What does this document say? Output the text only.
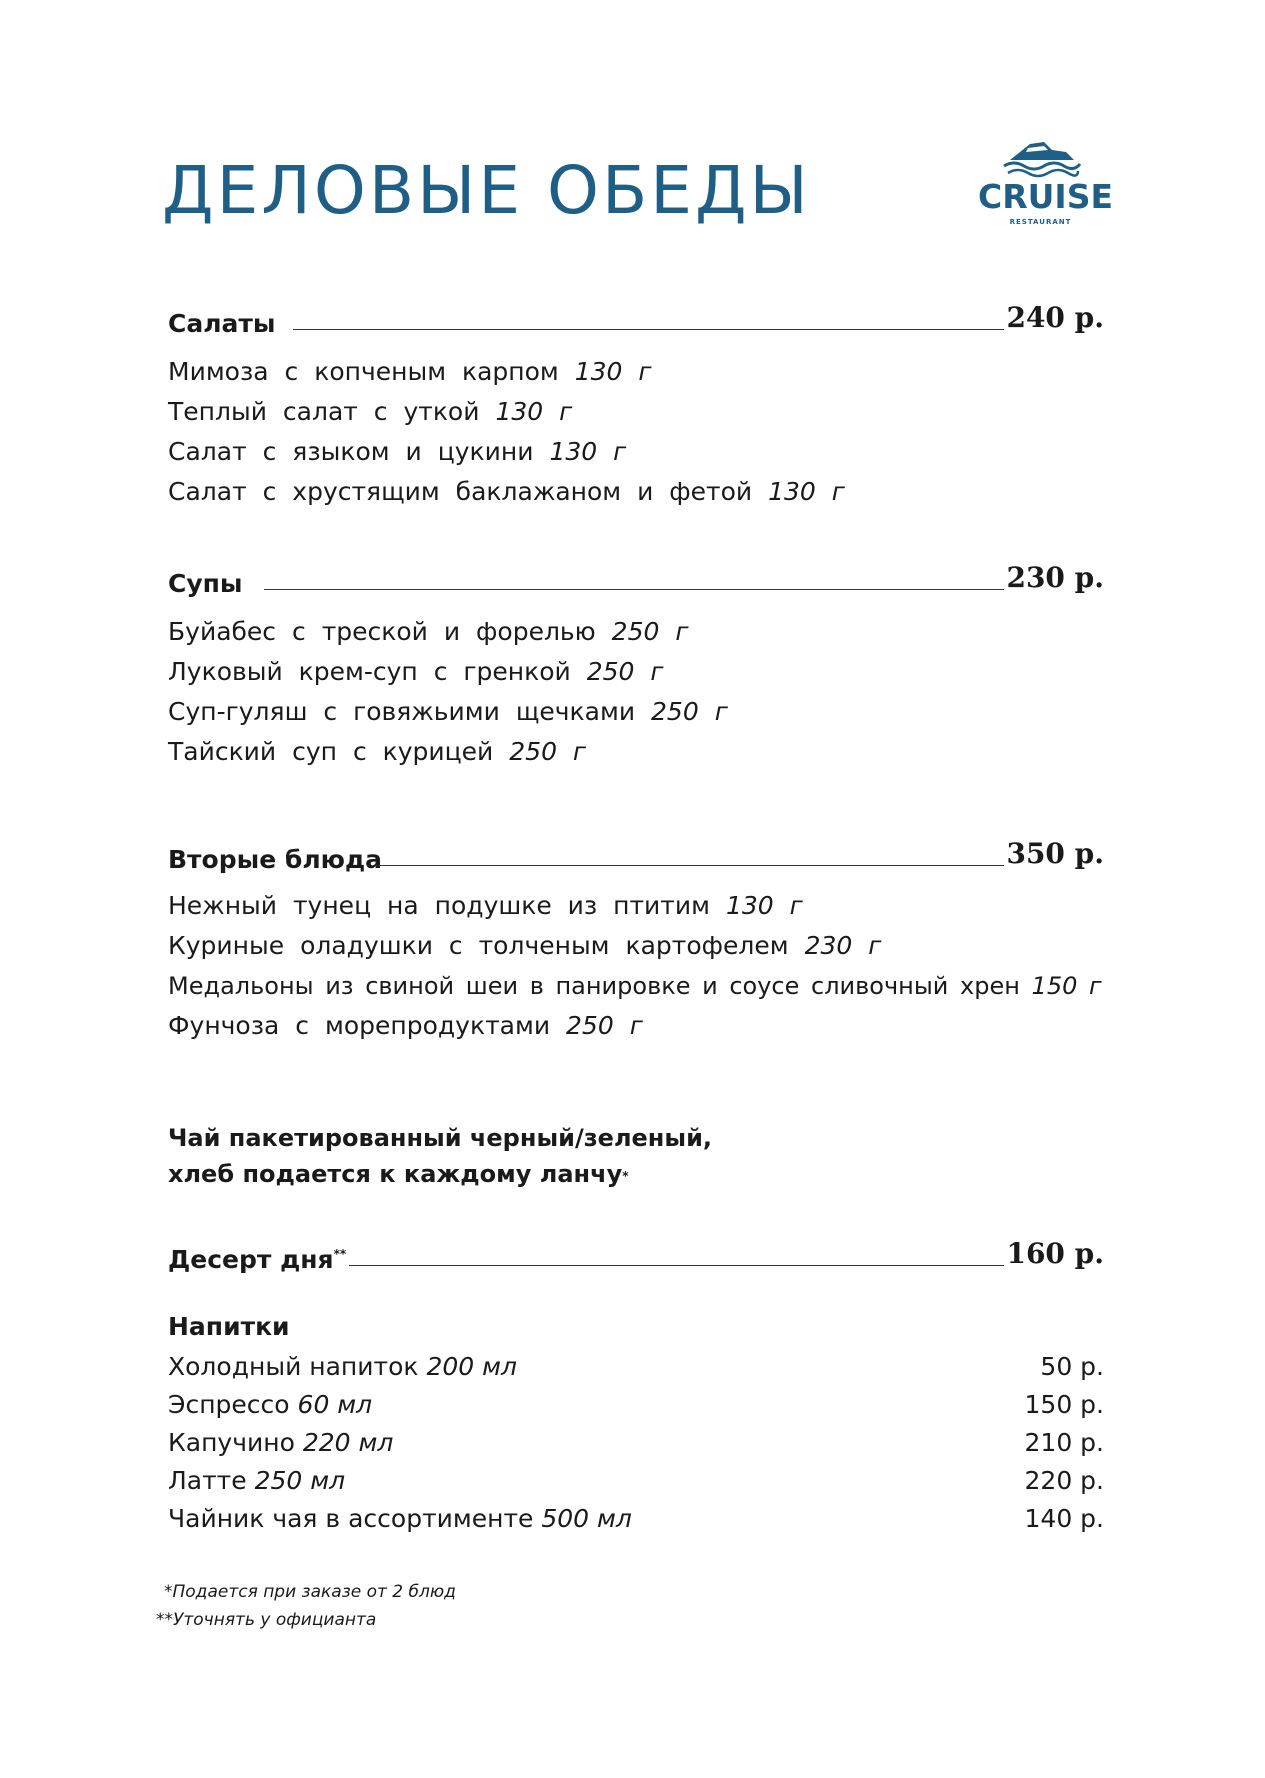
ДЕЛОВЫЕ ОБЕДЫ	CRUISE
RESTAURANT
Салаты	240 р.
Мимоза с копченым карпом 130 г
Теплый салат с уткой 130 г
Салат с языком и цукини 130 г
Салат с хрустящим баклажаном и фетой 130 г
Супы	230 р.
Буйабес с треской и форелью 250 г
Луковый крем-суп с гренкой 250 г
Суп-гуляш с говяжьими щечками 250 г
Тайский суп с курицей 250 г
Вторые блюда	350 р.
Нежный тунец на подушке из птитим 130 г
Куриные оладушки с толченым картофелем 230 г
Медальоны из свиной шеи в панировке и соусе сливочный хрен 150 г
Фунчоза с морепродуктами 250 г
Чай пакетированный черный/зеленый,
хлеб подается к каждому ланчу*
Десерт дня**	160 р.
Напитки
Холодный напиток 200 мл	50 р.
Эспрессо 60 мл	150 р.
Капучино 220 мл	210 р.
Латте 250 мл	220 р.
Чайник чая в ассортименте 500 мл	140 р.
*Подается при заказе от 2 блюд
**Уточнять у официанта
